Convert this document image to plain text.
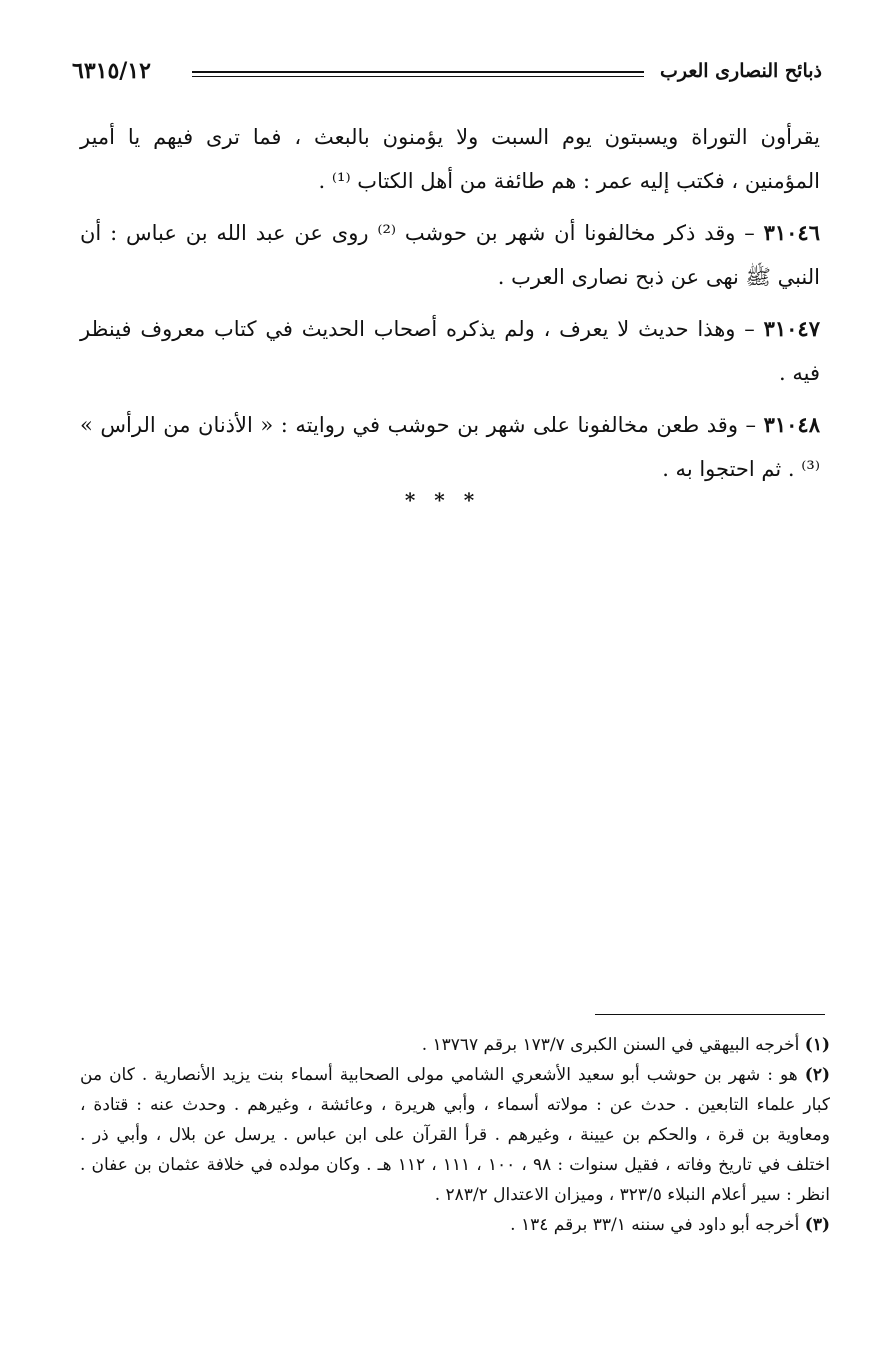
ذبائح النصارى العرب
٦٣١٥/١٢

يقرأون التوراة ويسبتون يوم السبت ولا يؤمنون بالبعث ، فما ترى فيهم يا أمير المؤمنين ، فكتب إليه عمر : هم طائفة من أهل الكتاب ⁽¹⁾ .

٣١٠٤٦ – وقد ذكر مخالفونا أن شهر بن حوشب ⁽²⁾ روى عن عبد الله بن عباس : أن النبي ﷺ نهى عن ذبح نصارى العرب .

٣١٠٤٧ – وهذا حديث لا يعرف ، ولم يذكره أصحاب الحديث في كتاب معروف فينظر فيه .

٣١٠٤٨ – وقد طعن مخالفونا على شهر بن حوشب في روايته : « الأذنان من الرأس » ⁽³⁾ . ثم احتجوا به .

* * *

(١) أخرجه البيهقي في السنن الكبرى ١٧٣/٧ برقم ١٣٧٦٧ .

(٢) هو : شهر بن حوشب أبو سعيد الأشعري الشامي مولى الصحابية أسماء بنت يزيد الأنصارية . كان من كبار علماء التابعين . حدث عن : مولاته أسماء ، وأبي هريرة ، وعائشة ، وغيرهم . وحدث عنه : قتادة ، ومعاوية بن قرة ، والحكم بن عيينة ، وغيرهم . قرأ القرآن على ابن عباس . يرسل عن بلال ، وأبي ذر . اختلف في تاريخ وفاته ، فقيل سنوات : ٩٨ ، ١٠٠ ، ١١١ ، ١١٢ هـ . وكان مولده في خلافة عثمان بن عفان . انظر : سير أعلام النبلاء ٣٢٣/٥ ، وميزان الاعتدال ٢٨٣/٢ .

(٣) أخرجه أبو داود في سننه ٣٣/١ برقم ١٣٤ .
